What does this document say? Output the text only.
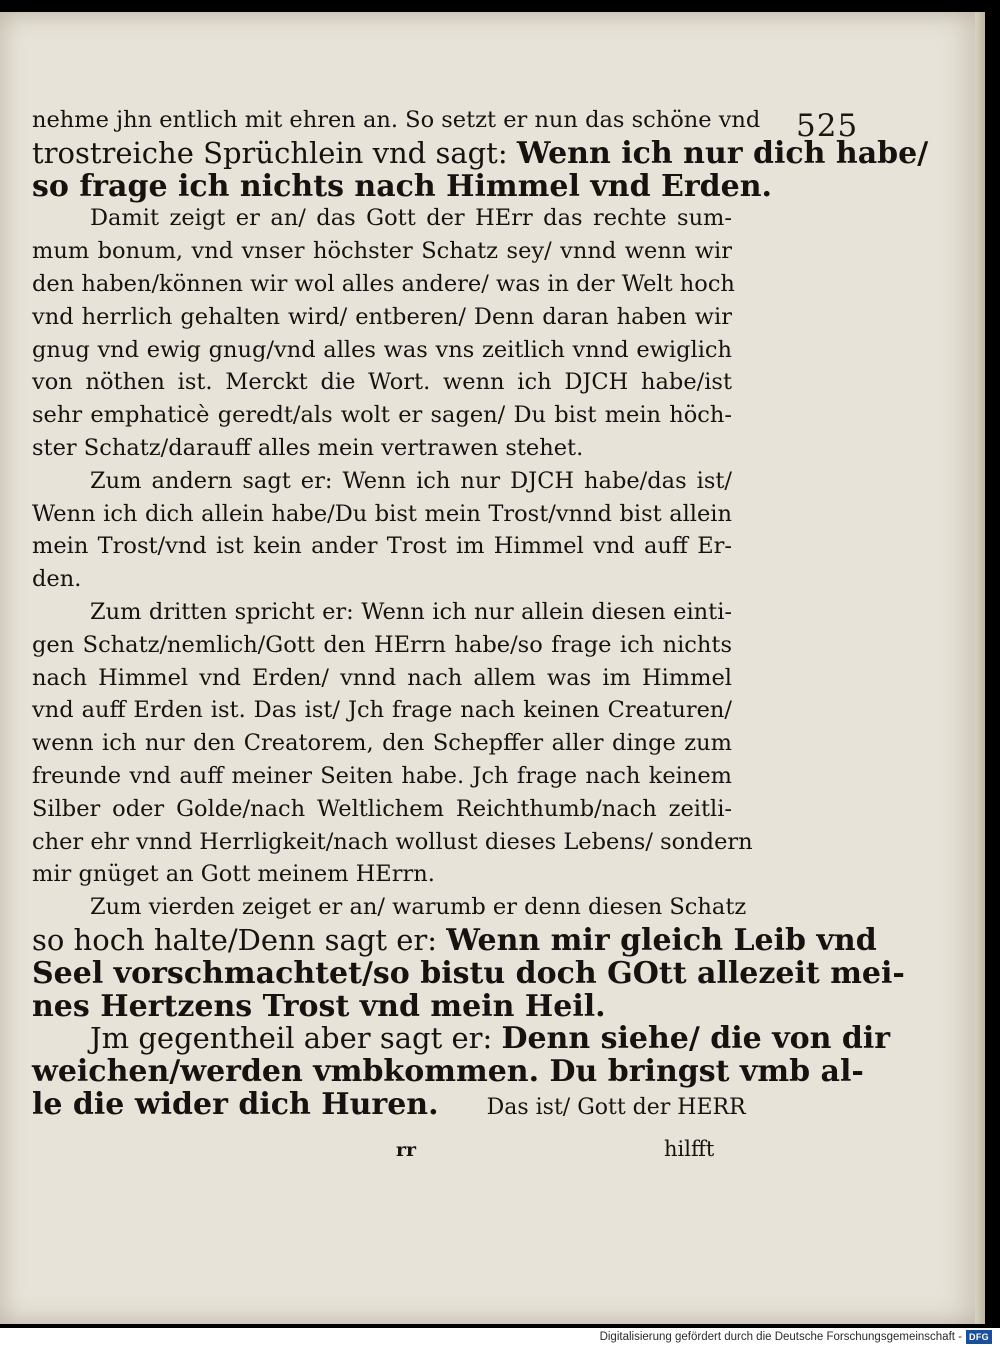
525
nehme jhn entlich mit ehren an. So setzt er nun das schöne vnd
trostreiche Sprüchlein vnd sagt: Wenn ich nur dich habe/
so frage ich nichts nach Himmel vnd Erden.
Damit zeigt er an/ das Gott der HErr das rechte sum-
mum bonum, vnd vnser höchster Schatz sey/ vnnd wenn wir
den haben/können wir wol alles andere/ was in der Welt hoch
vnd herrlich gehalten wird/ entberen/ Denn daran haben wir
gnug vnd ewig gnug/vnd alles was vns zeitlich vnnd ewiglich
von nöthen ist. Merckt die Wort. wenn ich DJCH habe/ist
sehr emphaticè geredt/als wolt er sagen/ Du bist mein höch-
ster Schatz/darauff alles mein vertrawen stehet.
Zum andern sagt er: Wenn ich nur DJCH habe/das ist/
Wenn ich dich allein habe/Du bist mein Trost/vnnd bist allein
mein Trost/vnd ist kein ander Trost im Himmel vnd auff Er-
den.
Zum dritten spricht er: Wenn ich nur allein diesen einti-
gen Schatz/nemlich/Gott den HErrn habe/so frage ich nichts
nach Himmel vnd Erden/ vnnd nach allem was im Himmel
vnd auff Erden ist. Das ist/ Jch frage nach keinen Creaturen/
wenn ich nur den Creatorem, den Schepffer aller dinge zum
freunde vnd auff meiner Seiten habe. Jch frage nach keinem
Silber oder Golde/nach Weltlichem Reichthumb/nach zeitli-
cher ehr vnnd Herrligkeit/nach wollust dieses Lebens/ sondern
mir gnüget an Gott meinem HErrn.
Zum vierden zeiget er an/ warumb er denn diesen Schatz
so hoch halte/Denn sagt er: Wenn mir gleich Leib vnd
Seel vorschmachtet/so bistu doch GOtt allezeit mei-
nes Hertzens Trost vnd mein Heil.
Jm gegentheil aber sagt er: Denn siehe/ die von dir
weichen/werden vmbkommen. Du bringst vmb al-
le die wider dich Huren. Das ist/ Gott der HERR
rr	hilfft
Digitalisierung gefördert durch die Deutsche Forschungsgemeinschaft - DFG
